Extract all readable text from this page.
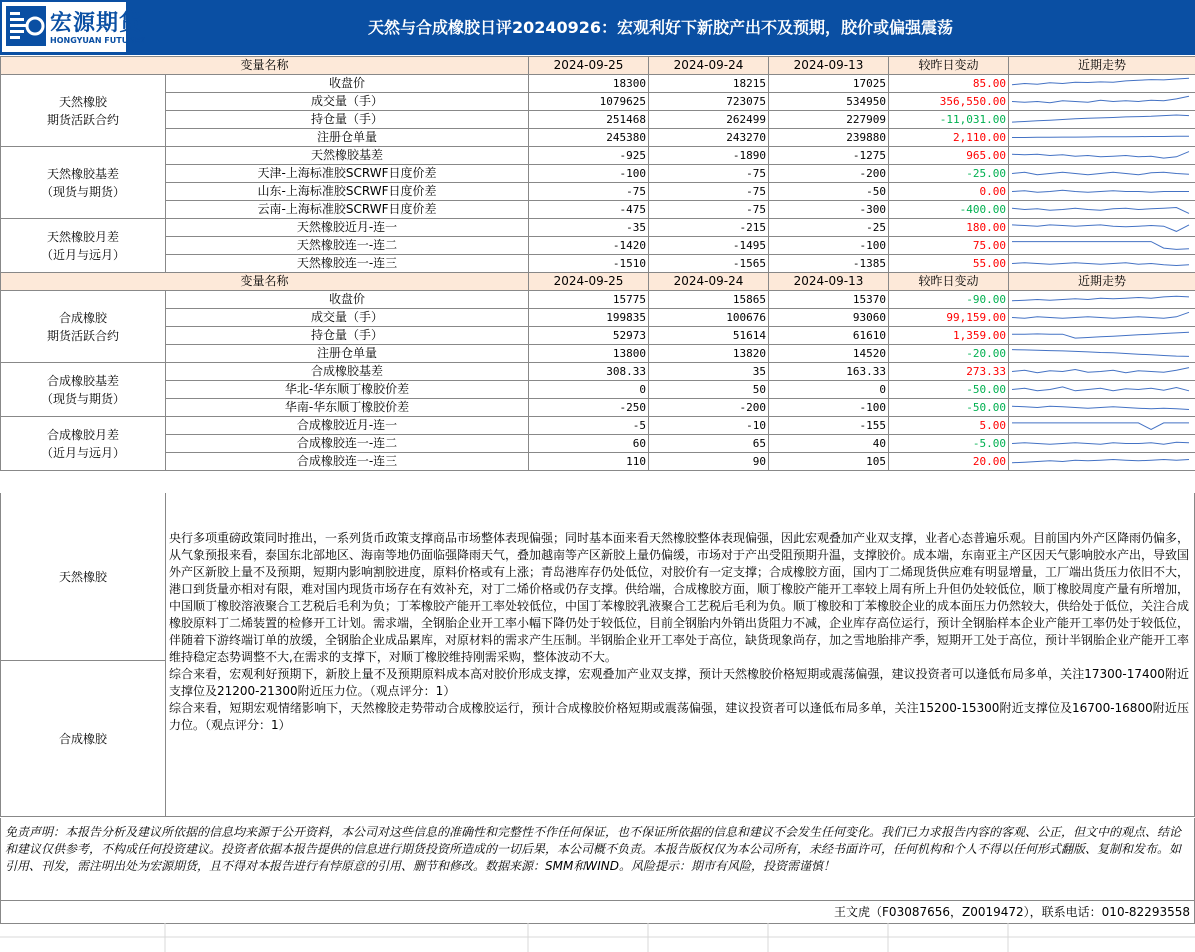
宏源期货
HONGYUAN FUTURES
天然与合成橡胶日评20240926：宏观利好下新胶产出不及预期，胶价或偏强震荡
变量名称		2024-09-25	2024-09-24	2024-09-13	较昨日变动	近期走势
天然橡胶
期货活跃合约	收盘价	18300	18215	17025	85.00	

	成交量（手）	1079625	723075	534950	356,550.00	

	持仓量（手）	251468	262499	227909	-11,031.00	

	注册仓单量	245380	243270	239880	2,110.00	

天然橡胶基差
（现货与期货）	天然橡胶基差	-925	-1890	-1275	965.00	

	天津-上海标准胶SCRWF日度价差	-100	-75	-200	-25.00	

	山东-上海标准胶SCRWF日度价差	-75	-75	-50	0.00	

	云南-上海标准胶SCRWF日度价差	-475	-75	-300	-400.00	

天然橡胶月差
（近月与远月）	天然橡胶近月-连一	-35	-215	-25	180.00	

	天然橡胶连一-连二	-1420	-1495	-100	75.00	

	天然橡胶连一-连三	-1510	-1565	-1385	55.00	

变量名称		2024-09-25	2024-09-24	2024-09-13	较昨日变动	近期走势
合成橡胶
期货活跃合约	收盘价	15775	15865	15370	-90.00	

	成交量（手）	199835	100676	93060	99,159.00	

	持仓量（手）	52973	51614	61610	1,359.00	

	注册仓单量	13800	13820	14520	-20.00	

合成橡胶基差
（现货与期货）	合成橡胶基差	308.33	35	163.33	273.33	

	华北-华东顺丁橡胶价差	0	50	0	-50.00	

	华南-华东顺丁橡胶价差	-250	-200	-100	-50.00	

合成橡胶月差
（近月与远月）	合成橡胶近月-连一	-5	-10	-155	5.00	

	合成橡胶连一-连二	60	65	40	-5.00	

	合成橡胶连一-连三	110	90	105	20.00	
天然橡胶
合成橡胶

央行多项重磅政策同时推出，一系列货币政策支撑商品市场整体表现偏强；同时基本面来看天然橡胶整体表现偏强，因此宏观叠加产业双支撑，业者心态普遍乐观。目前国内外产区降雨仍偏多，从气象预报来看，泰国东北部地区、海南等地仍面临强降雨天气，叠加越南等产区新胶上量仍偏缓，市场对于产出受阻预期升温，支撑胶价。成本端，东南亚主产区因天气影响胶水产出，导致国外产区新胶上量不及预期，短期内影响割胶进度，原料价格或有上涨；青岛港库存仍处低位，对胶价有一定支撑；合成橡胶方面，国内丁二烯现货供应难有明显增量，工厂端出货压力依旧不大，港口到货量亦相对有限，难对国内现货市场存在有效补充，对丁二烯价格或仍存支撑。供给端，合成橡胶方面，顺丁橡胶产能开工率较上周有所上升但仍处较低位，顺丁橡胶周度产量有所增加，中国顺丁橡胶溶液聚合工艺税后毛利为负；丁苯橡胶产能开工率处较低位，中国丁苯橡胶乳液聚合工艺税后毛利为负。顺丁橡胶和丁苯橡胶企业的成本面压力仍然较大，供给处于低位，关注合成橡胶原料丁二烯装置的检修开工计划。需求端，全钢胎企业开工率小幅下降仍处于较低位，目前全钢胎内外销出货阻力不减，企业库存高位运行，预计全钢胎样本企业产能开工率仍处于较低位，伴随着下游终端订单的放缓，全钢胎企业成品累库，对原材料的需求产生压制。半钢胎企业开工率处于高位，缺货现象尚存，加之雪地胎排产季，短期开工处于高位，预计半钢胎企业产能开工率维持稳定态势调整不大,在需求的支撑下，对顺丁橡胶维持刚需采购，整体波动不大。

综合来看，宏观利好预期下，新胶上量不及预期原料成本高对胶价形成支撑，宏观叠加产业双支撑，预计天然橡胶价格短期或震荡偏强，建议投资者可以逢低布局多单，关注17300-17400附近支撑位及21200-21300附近压力位。（观点评分：1）

综合来看，短期宏观情绪影响下，天然橡胶走势带动合成橡胶运行，预计合成橡胶价格短期或震荡偏强，建议投资者可以逢低布局多单，关注15200-15300附近支撑位及16700-16800附近压力位。（观点评分：1）

免责声明：本报告分析及建议所依据的信息均来源于公开资料，本公司对这些信息的准确性和完整性不作任何保证，也不保证所依据的信息和建议不会发生任何变化。我们已力求报告内容的客观、公正，但文中的观点、结论和建议仅供参考，不构成任何投资建议。投资者依据本报告提供的信息进行期货投资所造成的一切后果，本公司概不负责。本报告版权仅为本公司所有，未经书面许可，任何机构和个人不得以任何形式翻版、复制和发布。如引用、刊发，需注明出处为宏源期货，且不得对本报告进行有悖原意的引用、删节和修改。数据来源：SMM和WIND。风险提示：期市有风险，投资需谨慎！

王文虎（F03087656，Z0019472），联系电话：010-82293558
